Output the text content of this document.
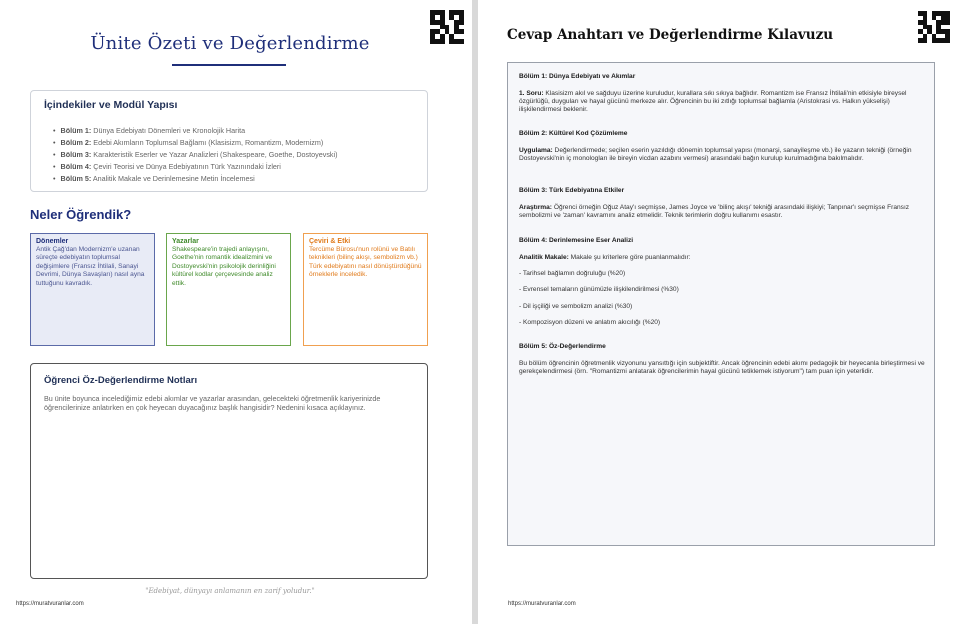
Ünite Özeti ve Değerlendirme
İçindekiler ve Modül Yapısı
• Bölüm 1: Dünya Edebiyatı Dönemleri ve Kronolojik Harita
• Bölüm 2: Edebi Akımların Toplumsal Bağlamı (Klasisizm, Romantizm, Modernizm)
• Bölüm 3: Karakteristik Eserler ve Yazar Analizleri (Shakespeare, Goethe, Dostoyevski)
• Bölüm 4: Çeviri Teorisi ve Dünya Edebiyatının Türk Yazınındaki İzleri
• Bölüm 5: Analitik Makale ve Derinlemesine Metin İncelemesi
Neler Öğrendik?
Dönemler
Antik Çağ'dan Modernizm'e uzanan süreçte edebiyatın toplumsal değişimlere (Fransız İhtilali, Sanayi Devrimi, Dünya Savaşları) nasıl ayna tuttuğunu kavradık.
Yazarlar
Shakespeare'in trajedi anlayışını, Goethe'nin romantik idealizmini ve Dostoyevski'nin psikolojik derinliğini kültürel kodlar çerçevesinde analiz ettik.
Çeviri & Etki
Tercüme Bürosu'nun rolünü ve Batılı teknikleri (bilinç akışı, sembolizm vb.) Türk edebiyatını nasıl dönüştürdüğünü örneklerle inceledik.
Öğrenci Öz-Değerlendirme Notları
Bu ünite boyunca incelediğimiz edebi akımlar ve yazarlar arasından, gelecekteki öğretmenlik kariyerinizde öğrencilerinize anlatırken en çok heyecan duyacağınız başlık hangisidir? Nedenini kısaca açıklayınız.
"Edebiyat, dünyayı anlamanın en zarif yoludur."
https://muratvuranlar.com
Cevap Anahtarı ve Değerlendirme Kılavuzu
Bölüm 1: Dünya Edebiyatı ve Akımlar
1. Soru: Klasisizm akıl ve sağduyu üzerine kuruludur, kurallara sıkı sıkıya bağlıdır. Romantizm ise Fransız İhtilali'nin etkisiyle bireysel özgürlüğü, duyguları ve hayal gücünü merkeze alır. Öğrencinin bu iki zıtlığı toplumsal bağlamla (Aristokrasi vs. Halkın yükselişi) ilişkilendirmesi beklenir.
Bölüm 2: Kültürel Kod Çözümleme
Uygulama: Değerlendirmede; seçilen eserin yazıldığı dönemin toplumsal yapısı (monarşi, sanayileşme vb.) ile yazarın tekniği (örneğin Dostoyevski'nin iç monologları ile bireyin vicdan azabını vermesi) arasındaki bağın kurulup kurulmadığına bakılmalıdır.
Bölüm 3: Türk Edebiyatına Etkiler
Araştırma: Öğrenci örneğin Oğuz Atay'ı seçmişse, James Joyce ve 'bilinç akışı' tekniği arasındaki ilişkiyi; Tanpınar'ı seçmişse Fransız sembolizmi ve 'zaman' kavramını analiz etmelidir. Teknik terimlerin doğru kullanımı esastır.
Bölüm 4: Derinlemesine Eser Analizi
Analitik Makale: Makale şu kriterlere göre puanlanmalıdır:
- Tarihsel bağlamın doğruluğu (%20)
- Evrensel temaların günümüzle ilişkilendirilmesi (%30)
- Dil işçiliği ve sembolizm analizi (%30)
- Kompozisyon düzeni ve anlatım akıcılığı (%20)
Bölüm 5: Öz-Değerlendirme
Bu bölüm öğrencinin öğretmenlik vizyonunu yansıttığı için subjektiftir. Ancak öğrencinin edebi akımı pedagojik bir heyecanla birleştirmesi ve gerekçelendirmesi (örn. "Romantizmi anlatarak öğrencilerimin hayal gücünü tetiklemek istiyorum") tam puan için yeterlidir.
https://muratvuranlar.com
